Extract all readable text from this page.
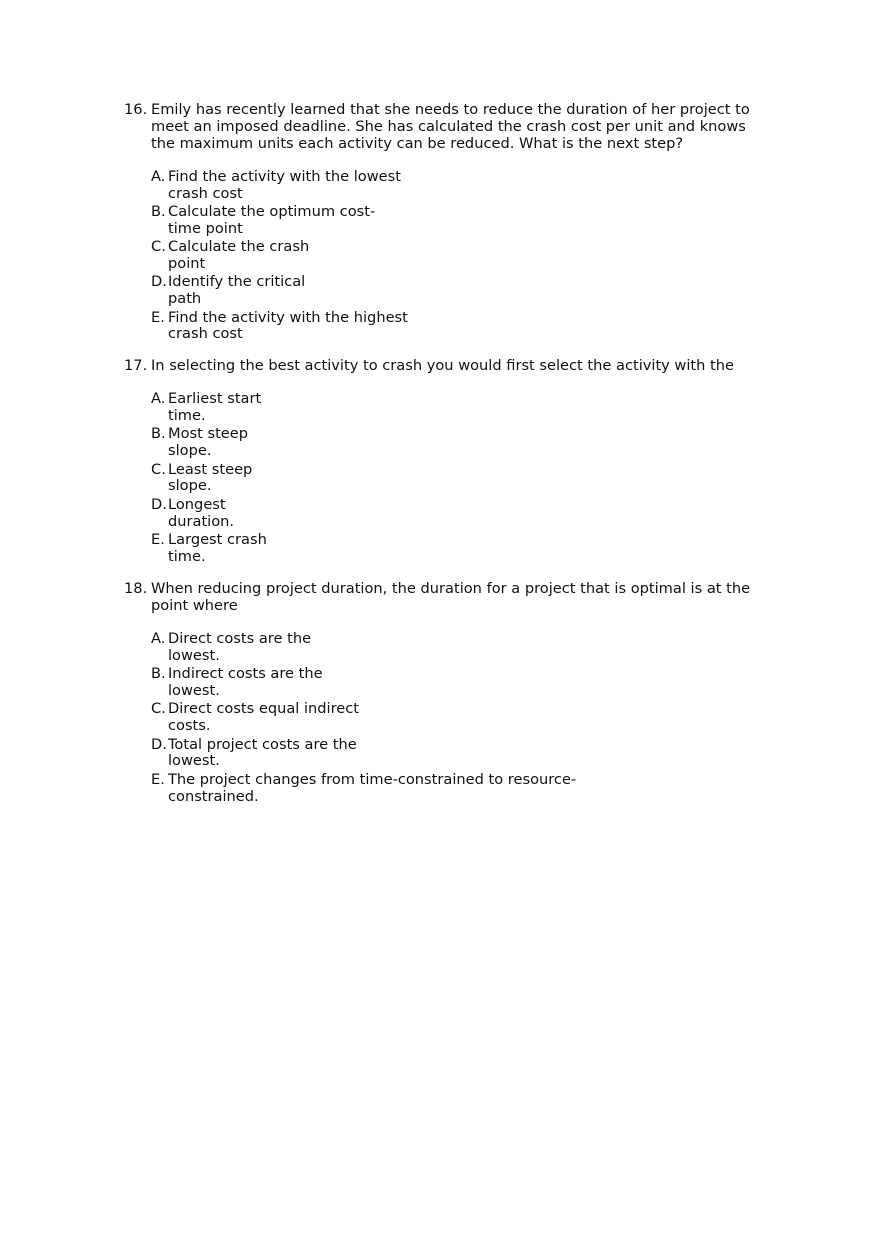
16. Emily has recently learned that she needs to reduce the duration of her project to meet an imposed deadline. She has calculated the crash cost per unit and knows the maximum units each activity can be reduced. What is the next step?
A. Find the activity with the lowest crash cost
B. Calculate the optimum cost-time point
C. Calculate the crash point
D. Identify the critical path
E. Find the activity with the highest crash cost
17. In selecting the best activity to crash you would first select the activity with the
A. Earliest start time.
B. Most steep slope.
C. Least steep slope.
D. Longest duration.
E. Largest crash time.
18. When reducing project duration, the duration for a project that is optimal is at the point where
A. Direct costs are the lowest.
B. Indirect costs are the lowest.
C. Direct costs equal indirect costs.
D. Total project costs are the lowest.
E. The project changes from time-constrained to resource-constrained.
